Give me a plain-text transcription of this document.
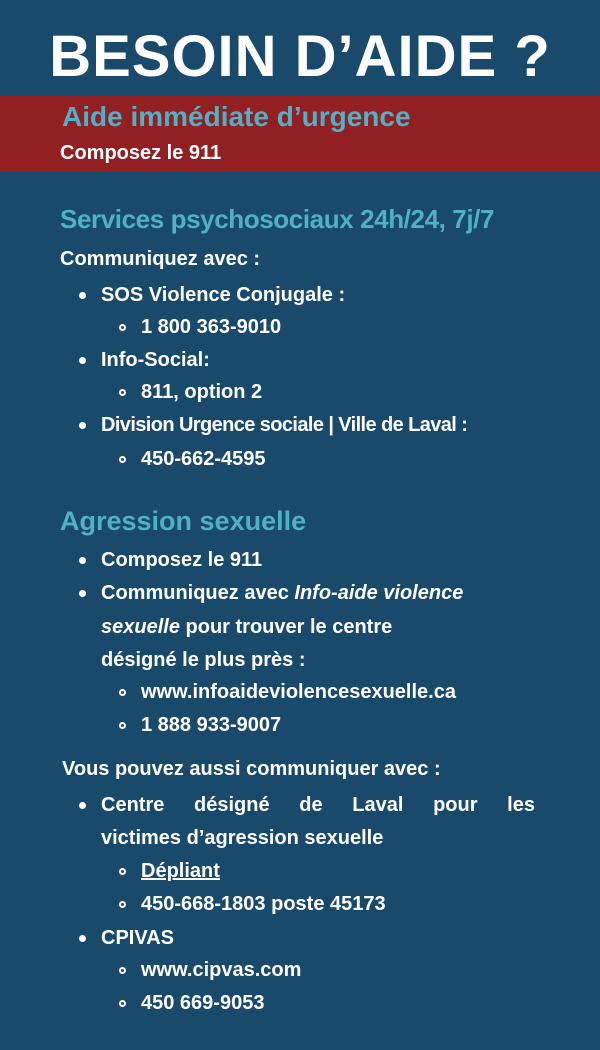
BESOIN D’AIDE ?
Aide immédiate d’urgence
Composez le 911
Services psychosociaux 24h/24, 7j/7
Communiquez avec :
SOS Violence Conjugale :
1 800 363-9010
Info-Social:
811, option 2
Division Urgence sociale | Ville de Laval :
450-662-4595
Agression sexuelle
Composez le 911
Communiquez avec Info-aide violence
sexuelle pour trouver le centre
désigné le plus près :
www.infoaideviolencesexuelle.ca
1 888 933-9007
Vous pouvez aussi communiquer avec :
Centre désigné de Laval pour les
victimes d’agression sexuelle
Dépliant
450-668-1803 poste 45173
CPIVAS
www.cipvas.com
450 669-9053
